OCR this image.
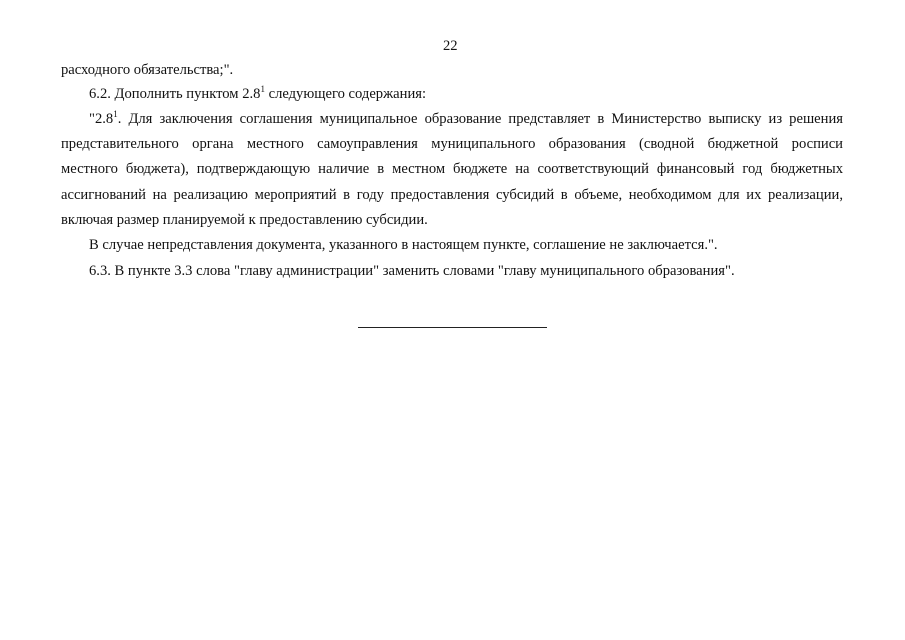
22
расходного обязательства;".
6.2. Дополнить пунктом $2.8^1$ следующего содержания:
"$2.8^1$. Для заключения соглашения муниципальное образование представляет в Министерство выписку из решения
представительного органа местного самоуправления муниципального образования (сводной бюджетной росписи
местного бюджета), подтверждающую наличие в местном бюджете на соответствующий финансовый год бюджетных
ассигнований на реализацию мероприятий в году предоставления субсидий в объеме, необходимом для их реализации,
включая размер планируемой к предоставлению субсидии.
В случае непредставления документа, указанного в настоящем пункте, соглашение не заключается.".
6.3. В пункте 3.3 слова "главу администрации" заменить словами "главу муниципального образования".
